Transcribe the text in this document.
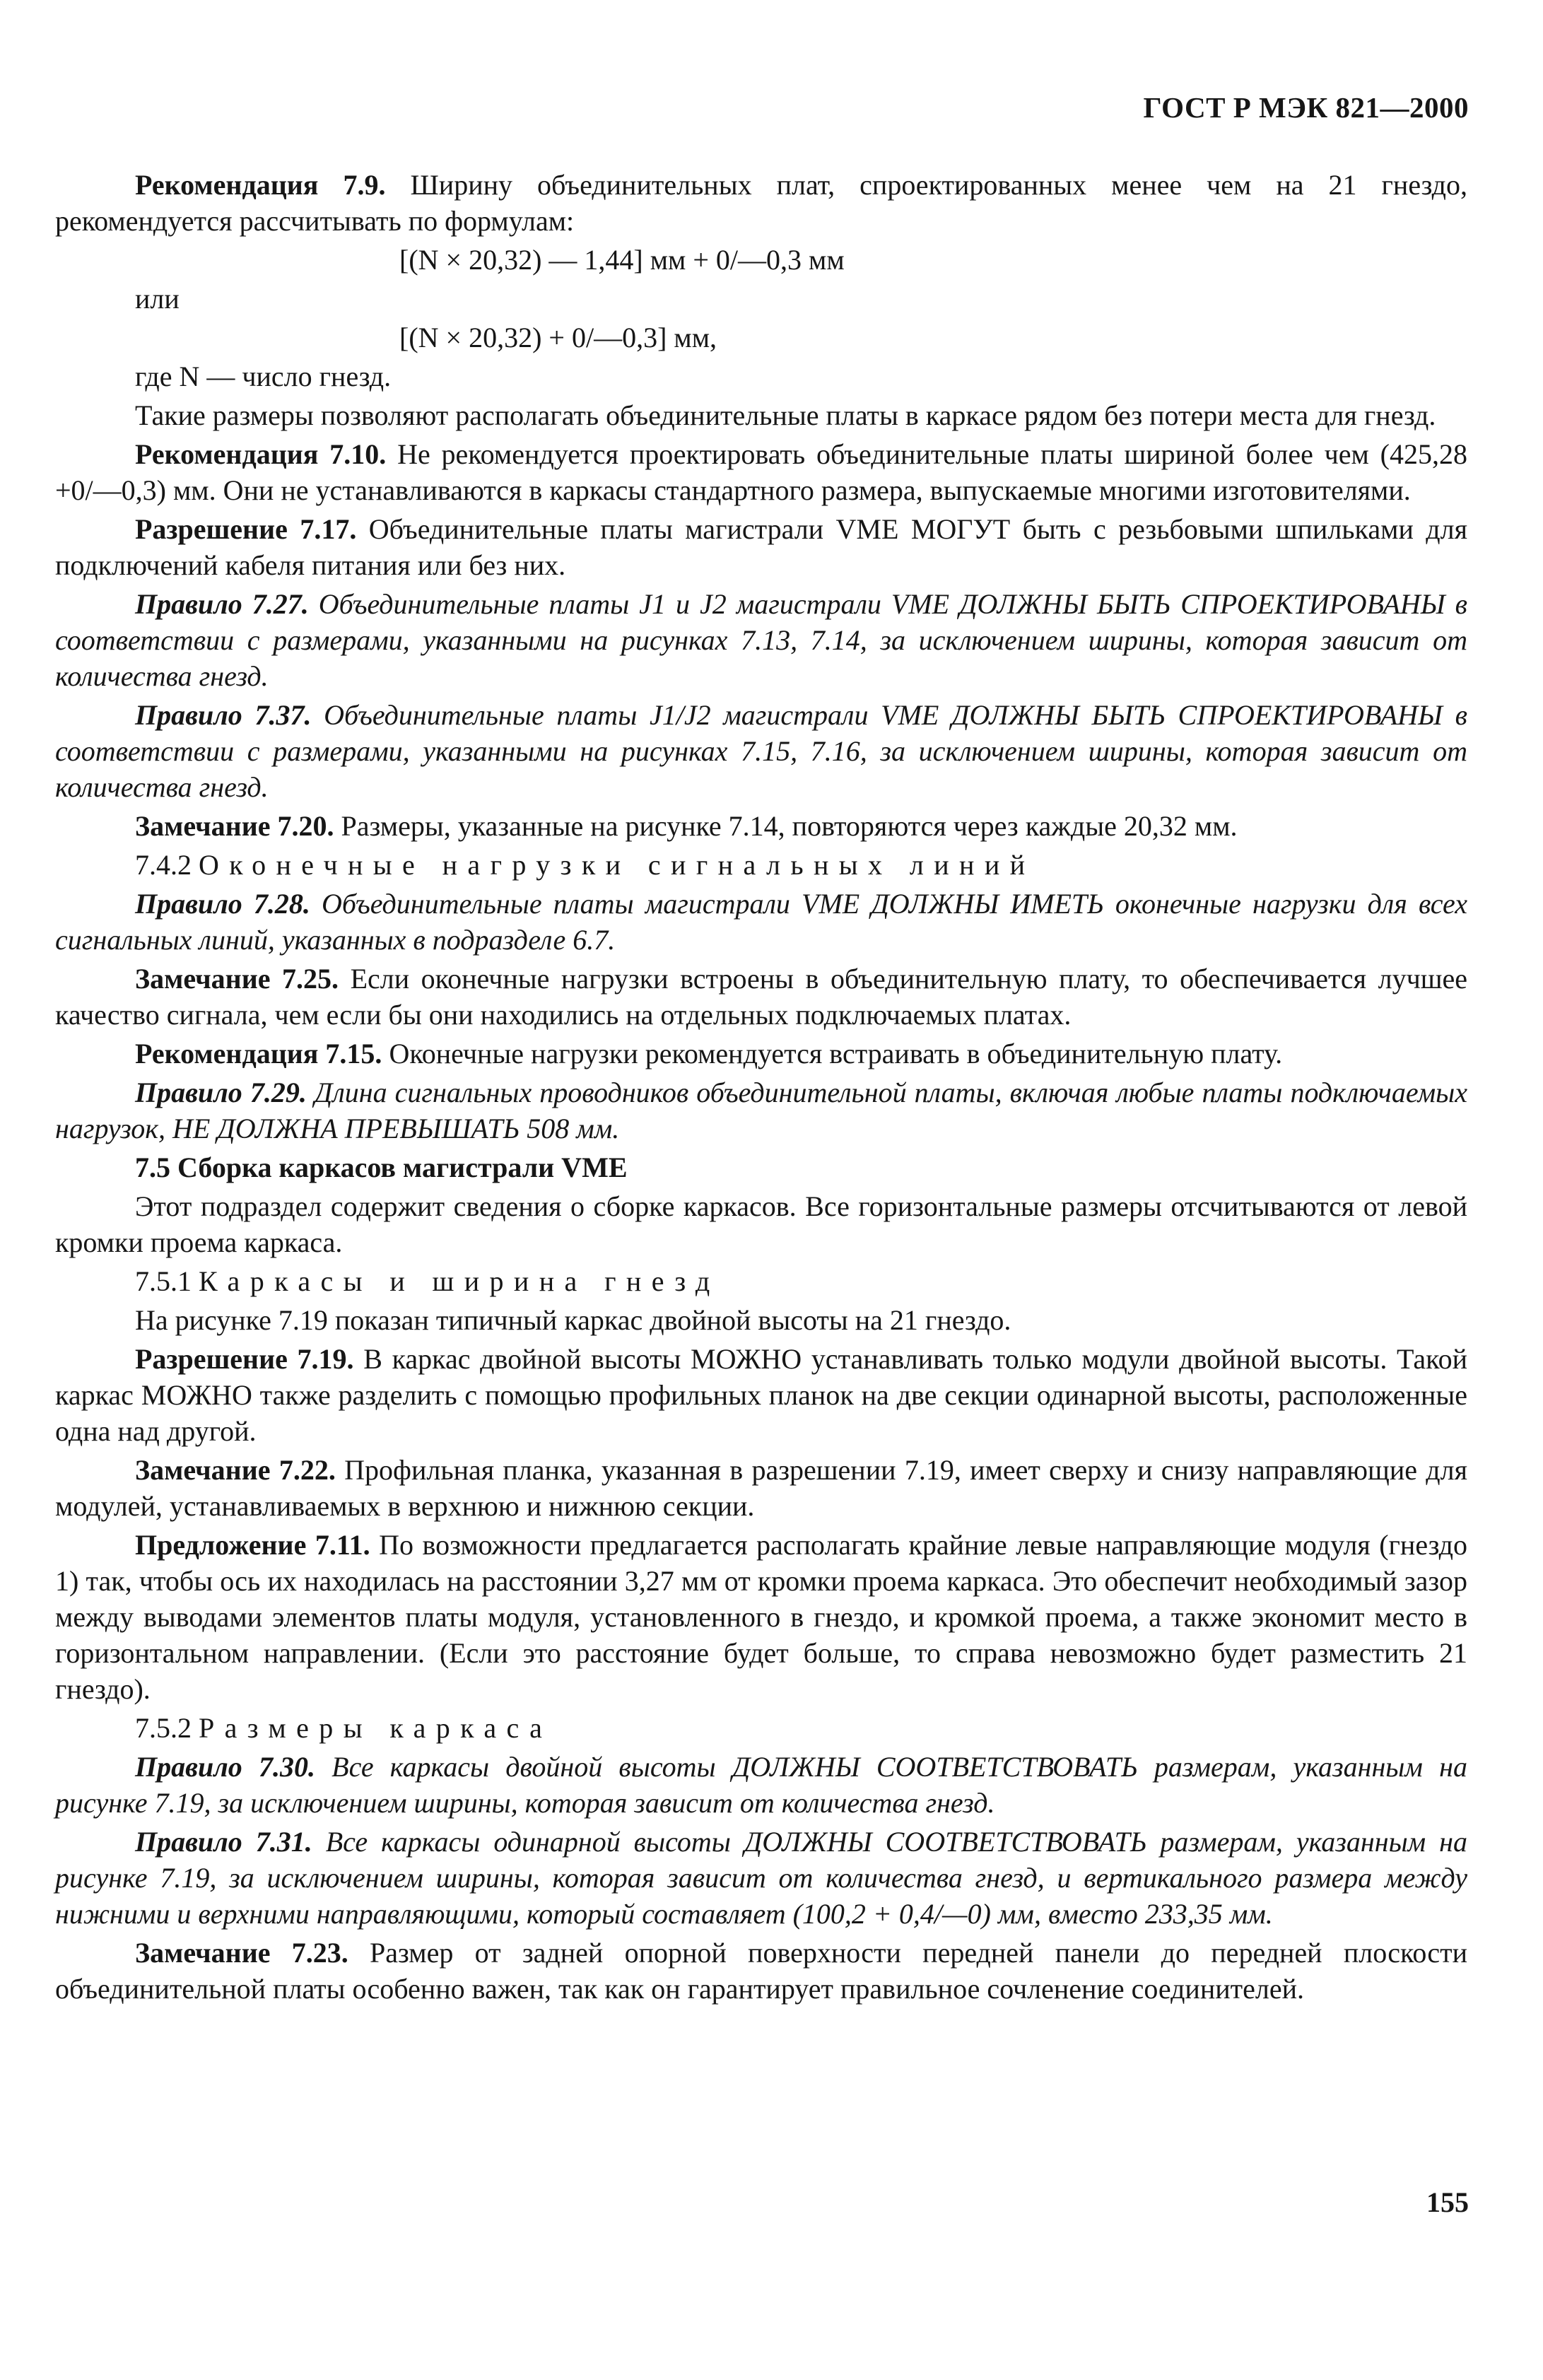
ГОСТ Р МЭК 821—2000

Рекомендация 7.9. Ширину объединительных плат, спроектированных менее чем на 21 гнездо, рекомендуется рассчитывать по формулам:

[(N × 20,32) — 1,44] мм + 0/—0,3 мм

или

[(N × 20,32) + 0/—0,3] мм,

где N — число гнезд.

Такие размеры позволяют располагать объединительные платы в каркасе рядом без потери места для гнезд.

Рекомендация 7.10. Не рекомендуется проектировать объединительные платы шириной более чем (425,28 +0/—0,3) мм. Они не устанавливаются в каркасы стандартного размера, выпускаемые многими изготовителями.

Разрешение 7.17. Объединительные платы магистрали VME МОГУТ быть с резьбовыми шпильками для подключений кабеля питания или без них.

Правило 7.27. Объединительные платы J1 и J2 магистрали VME ДОЛЖНЫ БЫТЬ СПРОЕКТИРОВАНЫ в соответствии с размерами, указанными на рисунках 7.13, 7.14, за исключением ширины, которая зависит от количества гнезд.

Правило 7.37. Объединительные платы J1/J2 магистрали VME ДОЛЖНЫ БЫТЬ СПРОЕКТИРОВАНЫ в соответствии с размерами, указанными на рисунках 7.15, 7.16, за исключением ширины, которая зависит от количества гнезд.

Замечание 7.20. Размеры, указанные на рисунке 7.14, повторяются через каждые 20,32 мм.

7.4.2 Оконечные нагрузки сигнальных линий

Правило 7.28. Объединительные платы магистрали VME ДОЛЖНЫ ИМЕТЬ оконечные нагрузки для всех сигнальных линий, указанных в подразделе 6.7.

Замечание 7.25. Если оконечные нагрузки встроены в объединительную плату, то обеспечивается лучшее качество сигнала, чем если бы они находились на отдельных подключаемых платах.

Рекомендация 7.15. Оконечные нагрузки рекомендуется встраивать в объединительную плату.

Правило 7.29. Длина сигнальных проводников объединительной платы, включая любые платы подключаемых нагрузок, НЕ ДОЛЖНА ПРЕВЫШАТЬ 508 мм.

7.5 Сборка каркасов магистрали VME

Этот подраздел содержит сведения о сборке каркасов. Все горизонтальные размеры отсчитываются от левой кромки проема каркаса.

7.5.1 Каркасы и ширина гнезд

На рисунке 7.19 показан типичный каркас двойной высоты на 21 гнездо.

Разрешение 7.19. В каркас двойной высоты МОЖНО устанавливать только модули двойной высоты. Такой каркас МОЖНО также разделить с помощью профильных планок на две секции одинарной высоты, расположенные одна над другой.

Замечание 7.22. Профильная планка, указанная в разрешении 7.19, имеет сверху и снизу направляющие для модулей, устанавливаемых в верхнюю и нижнюю секции.

Предложение 7.11. По возможности предлагается располагать крайние левые направляющие модуля (гнездо 1) так, чтобы ось их находилась на расстоянии 3,27 мм от кромки проема каркаса. Это обеспечит необходимый зазор между выводами элементов платы модуля, установленного в гнездо, и кромкой проема, а также экономит место в горизонтальном направлении. (Если это расстояние будет больше, то справа невозможно будет разместить 21 гнездо).

7.5.2 Размеры каркаса

Правило 7.30. Все каркасы двойной высоты ДОЛЖНЫ СООТВЕТСТВОВАТЬ размерам, указанным на рисунке 7.19, за исключением ширины, которая зависит от количества гнезд.

Правило 7.31. Все каркасы одинарной высоты ДОЛЖНЫ СООТВЕТСТВОВАТЬ размерам, указанным на рисунке 7.19, за исключением ширины, которая зависит от количества гнезд, и вертикального размера между нижними и верхними направляющими, который составляет (100,2 + 0,4/—0) мм, вместо 233,35 мм.

Замечание 7.23. Размер от задней опорной поверхности передней панели до передней плоскости объединительной платы особенно важен, так как он гарантирует правильное сочленение соединителей.

155
